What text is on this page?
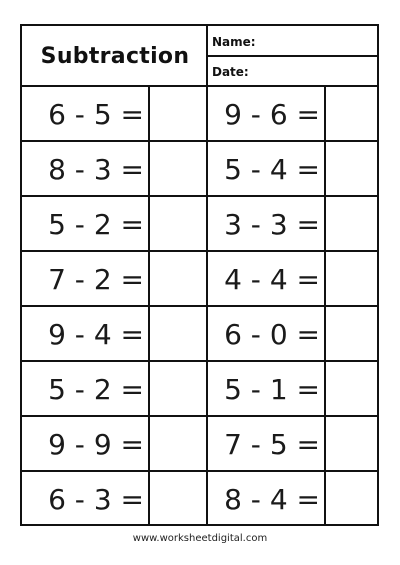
Subtraction
Name:
Date:
6 - 5 =
8 - 3 =
5 - 2 =
7 - 2 =
9 - 4 =
5 - 2 =
9 - 9 =
6 - 3 =
9 - 6 =
5 - 4 =
3 - 3 =
4 - 4 =
6 - 0 =
5 - 1 =
7 - 5 =
8 - 4 =
www.worksheetdigital.com
